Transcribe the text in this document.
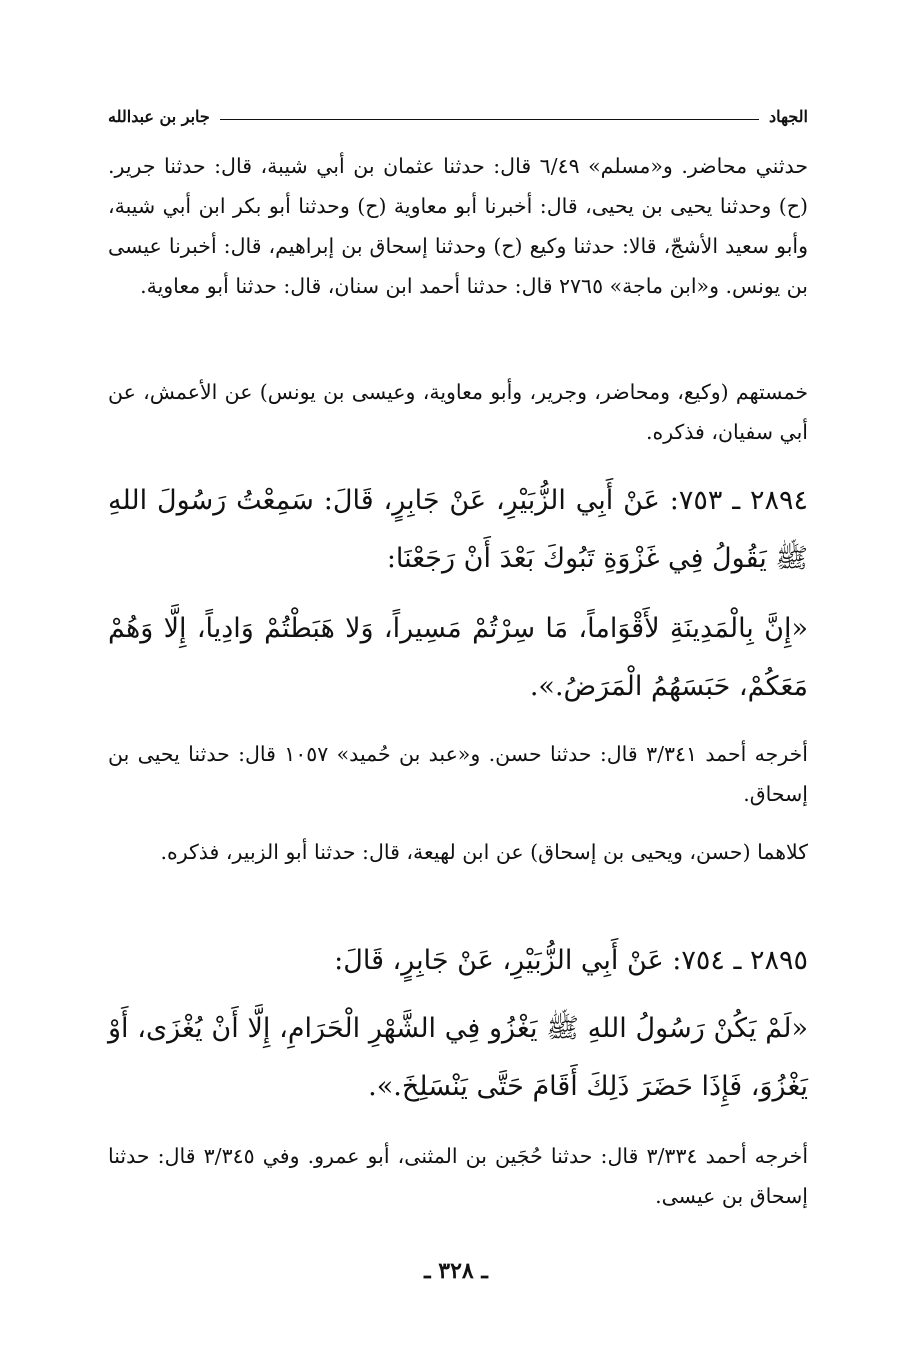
الجهاد
جابر بن عبدالله
حدثني محاضر. و«مسلم» ٦/٤٩ قال: حدثنا عثمان بن أبي شيبة، قال: حدثنا جرير. (ح) وحدثنا يحيى بن يحيى، قال: أخبرنا أبو معاوية (ح) وحدثنا أبو بكر ابن أبي شيبة، وأبو سعيد الأشجّ، قالا: حدثنا وكيع (ح) وحدثنا إسحاق بن إبراهيم، قال: أخبرنا عيسى بن يونس. و«ابن ماجة» ٢٧٦٥ قال: حدثنا أحمد ابن سنان، قال: حدثنا أبو معاوية.
خمستهم (وكيع، ومحاضر، وجرير، وأبو معاوية، وعيسى بن يونس) عن الأعمش، عن أبي سفيان، فذكره.
٢٨٩٤ ـ ٧٥٣: عَنْ أَبِي الزُّبَيْرِ، عَنْ جَابِرٍ، قَالَ: سَمِعْتُ رَسُولَ اللهِ ﷺ يَقُولُ فِي غَزْوَةِ تَبُوكَ بَعْدَ أَنْ رَجَعْنَا:
«إِنَّ بِالْمَدِينَةِ لأَقْوَاماً، مَا سِرْتُمْ مَسِيراً، وَلا هَبَطْتُمْ وَادِياً، إِلَّا وَهُمْ مَعَكُمْ، حَبَسَهُمُ الْمَرَضُ.».
أخرجه أحمد ٣/٣٤١ قال: حدثنا حسن. و«عبد بن حُميد» ١٠٥٧ قال: حدثنا يحيى بن إسحاق.
كلاهما (حسن، ويحيى بن إسحاق) عن ابن لهيعة، قال: حدثنا أبو الزبير، فذكره.
٢٨٩٥ ـ ٧٥٤: عَنْ أَبِي الزُّبَيْرِ، عَنْ جَابِرٍ، قَالَ:
«لَمْ يَكُنْ رَسُولُ اللهِ ﷺ يَغْزُو فِي الشَّهْرِ الْحَرَامِ، إِلَّا أَنْ يُغْزَى، أَوْ يَغْزُوَ، فَإِذَا حَضَرَ ذَلِكَ أَقَامَ حَتَّى يَنْسَلِخَ.».
أخرجه أحمد ٣/٣٣٤ قال: حدثنا حُجَين بن المثنى، أبو عمرو. وفي ٣/٣٤٥ قال: حدثنا إسحاق بن عيسى.
ـ ٣٢٨ ـ
